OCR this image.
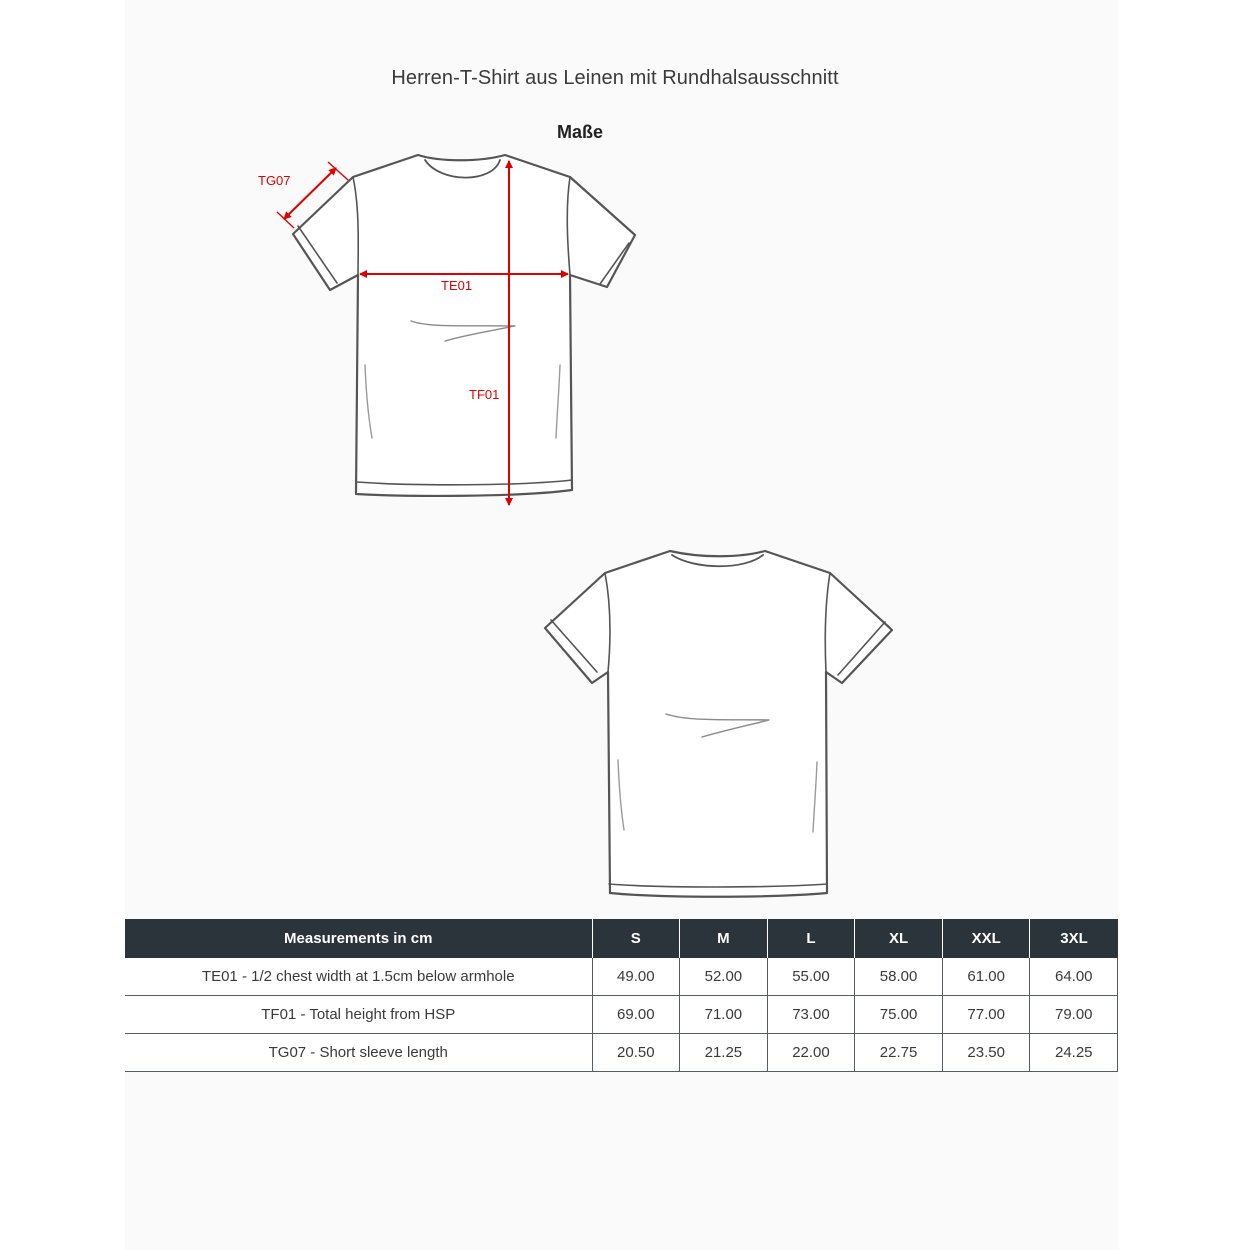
Herren-T-Shirt aus Leinen mit Rundhalsausschnitt
Maße
TG07
TE01
TF01
Measurements in cm	S	M	L	XL	XXL	3XL
TE01 - 1/2 chest width at 1.5cm below armhole	49.00	52.00	55.00	58.00	61.00	64.00
TF01 - Total height from HSP	69.00	71.00	73.00	75.00	77.00	79.00
TG07 - Short sleeve length	20.50	21.25	22.00	22.75	23.50	24.25
